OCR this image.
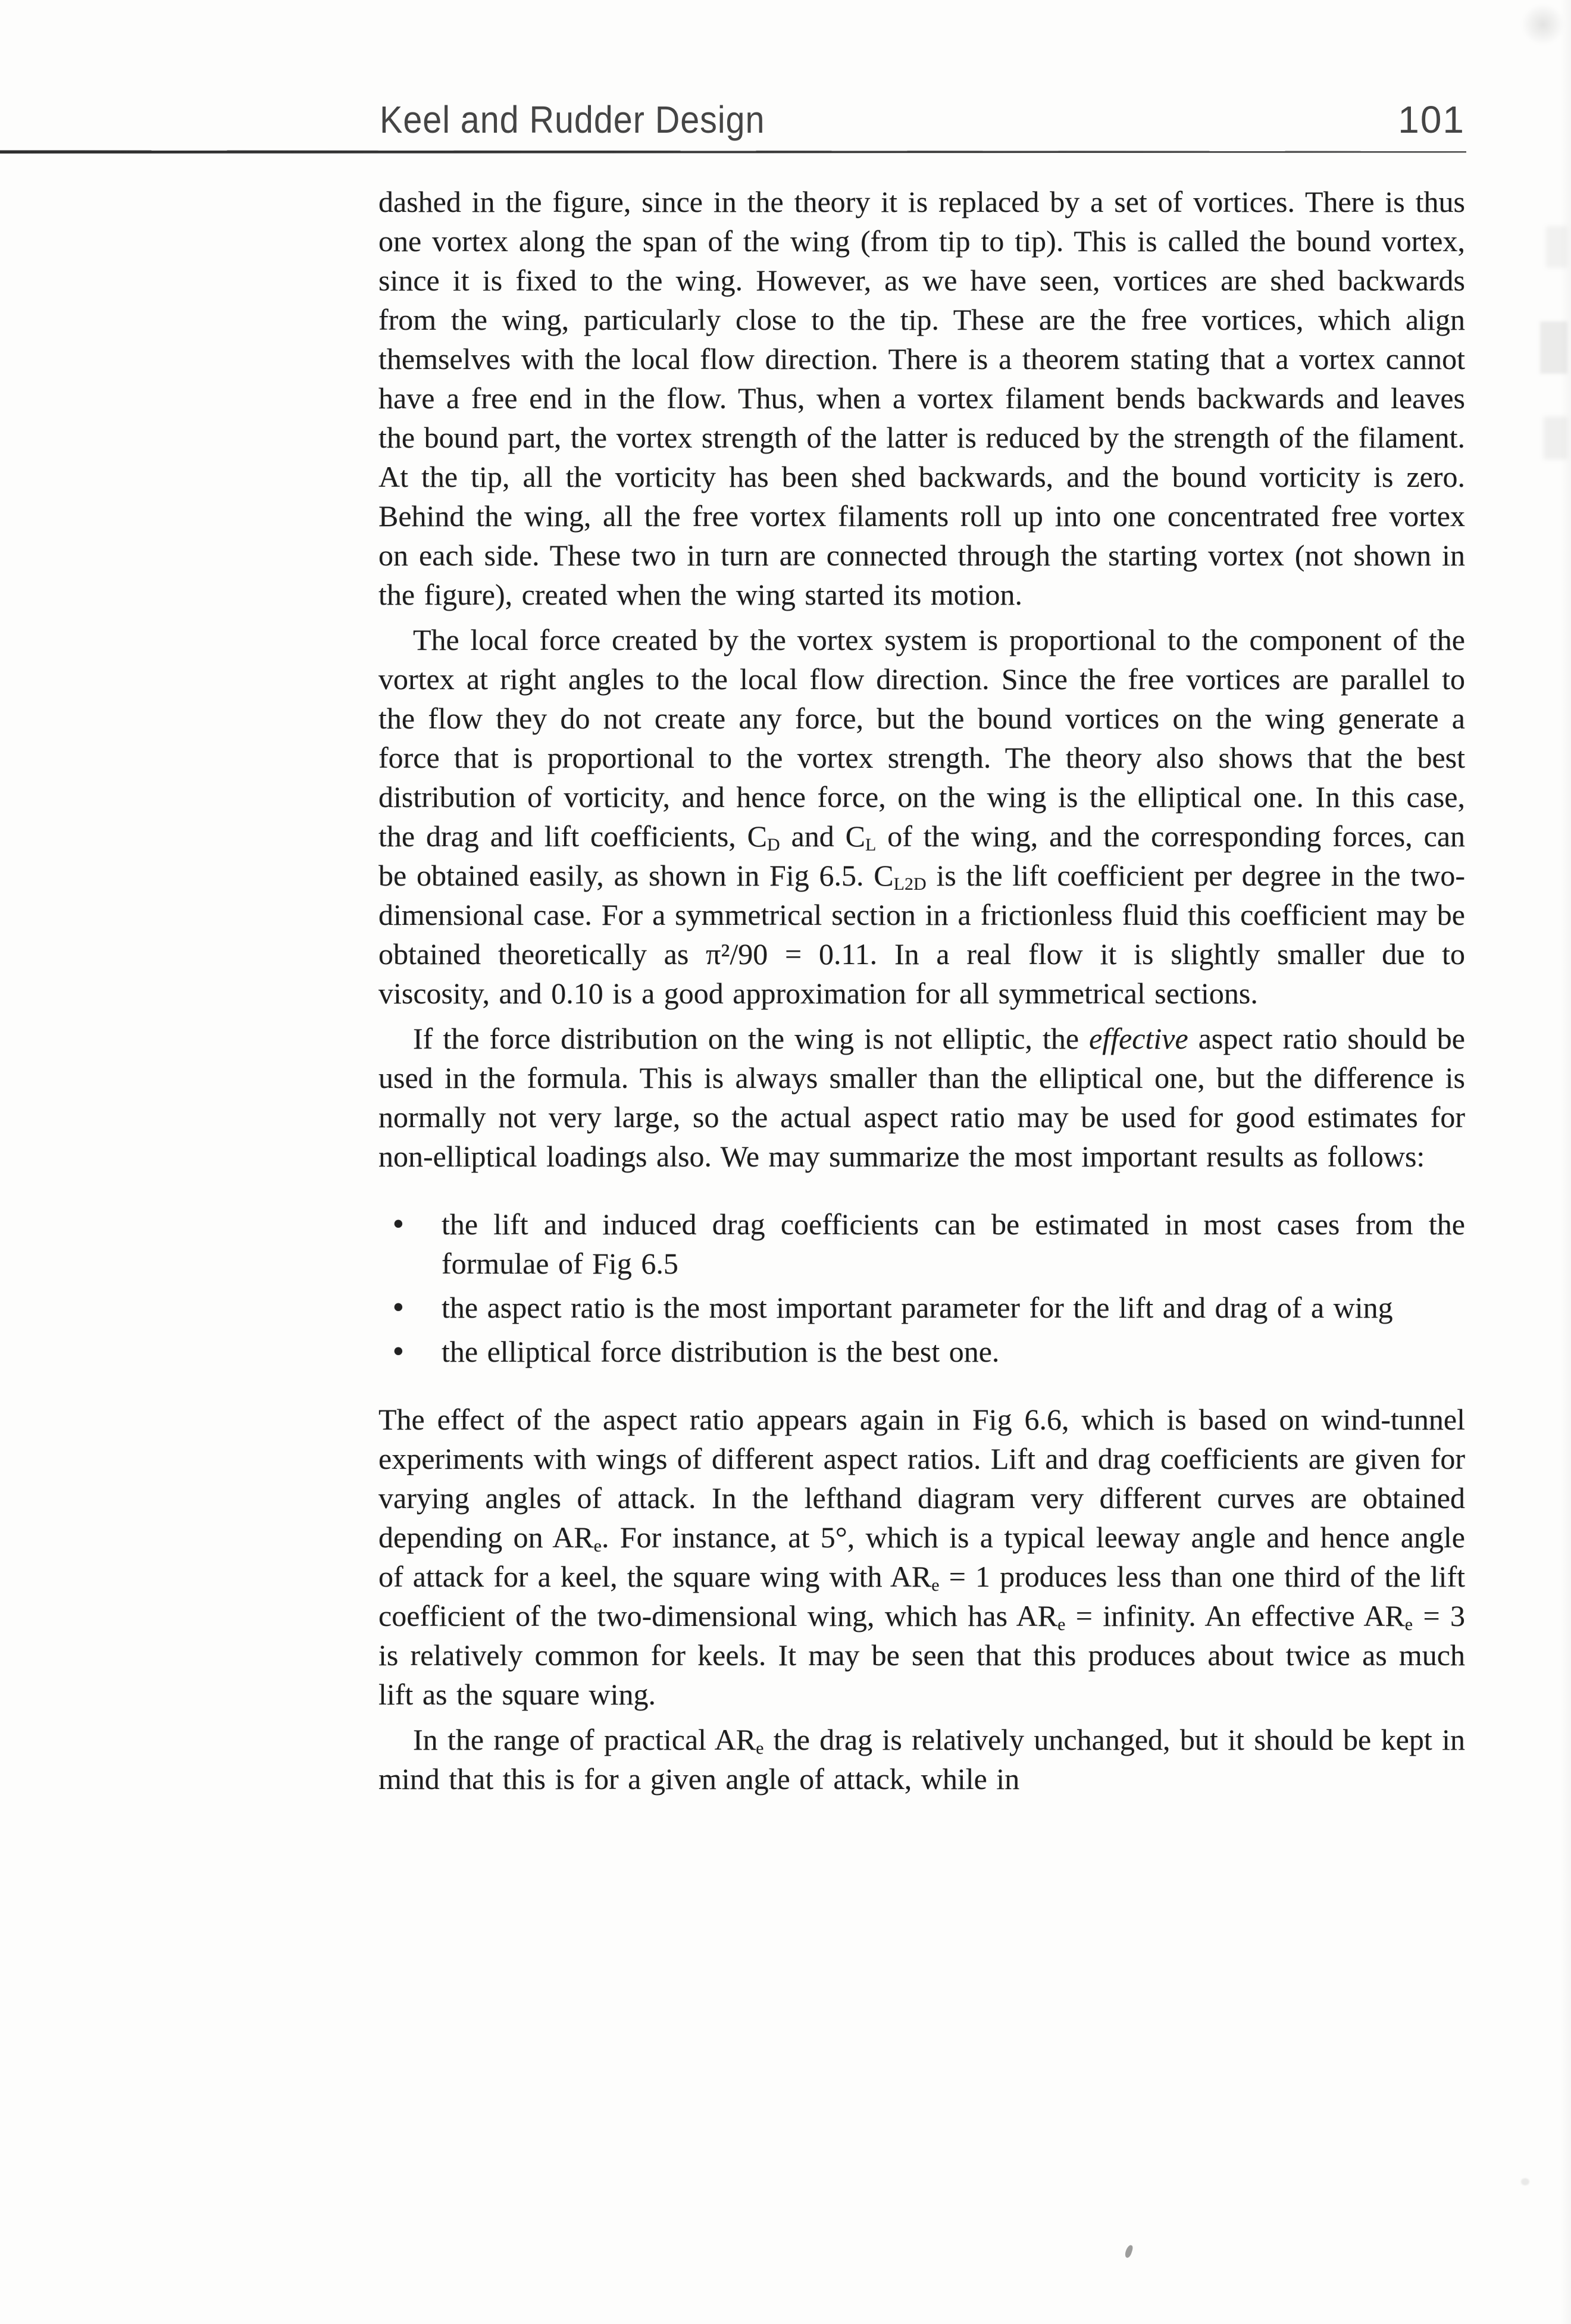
Keel and Rudder Design	101

dashed in the figure, since in the theory it is replaced by a set of vortices. There is thus one vortex along the span of the wing (from tip to tip). This is called the bound vortex, since it is fixed to the wing. However, as we have seen, vortices are shed backwards from the wing, particularly close to the tip. These are the free vortices, which align themselves with the local flow direction. There is a theorem stating that a vortex cannot have a free end in the flow. Thus, when a vortex filament bends backwards and leaves the bound part, the vortex strength of the latter is reduced by the strength of the filament. At the tip, all the vorticity has been shed backwards, and the bound vorticity is zero. Behind the wing, all the free vortex filaments roll up into one concentrated free vortex on each side. These two in turn are connected through the starting vortex (not shown in the figure), created when the wing started its motion.

The local force created by the vortex system is proportional to the component of the vortex at right angles to the local flow direction. Since the free vortices are parallel to the flow they do not create any force, but the bound vortices on the wing generate a force that is proportional to the vortex strength. The theory also shows that the best distribution of vorticity, and hence force, on the wing is the elliptical one. In this case, the drag and lift coefficients, $C_D$ and $C_L$ of the wing, and the corresponding forces, can be obtained easily, as shown in Fig 6.5. $C_{L2D}$ is the lift coefficient per degree in the two-dimensional case. For a symmetrical section in a frictionless fluid this coefficient may be obtained theoretically as π²/90 = 0.11. In a real flow it is slightly smaller due to viscosity, and 0.10 is a good approximation for all symmetrical sections.

If the force distribution on the wing is not elliptic, the effective aspect ratio should be used in the formula. This is always smaller than the elliptical one, but the difference is normally not very large, so the actual aspect ratio may be used for good estimates for non-elliptical loadings also. We may summarize the most important results as follows:

● the lift and induced drag coefficients can be estimated in most cases from the formulae of Fig 6.5
● the aspect ratio is the most important parameter for the lift and drag of a wing
● the elliptical force distribution is the best one.

The effect of the aspect ratio appears again in Fig 6.6, which is based on wind-tunnel experiments with wings of different aspect ratios. Lift and drag coefficients are given for varying angles of attack. In the lefthand diagram very different curves are obtained depending on $AR_e$. For instance, at 5°, which is a typical leeway angle and hence angle of attack for a keel, the square wing with $AR_e = 1$ produces less than one third of the lift coefficient of the two-dimensional wing, which has $AR_e$ = infinity. An effective $AR_e = 3$ is relatively common for keels. It may be seen that this produces about twice as much lift as the square wing.

In the range of practical $AR_e$ the drag is relatively unchanged, but it should be kept in mind that this is for a given angle of attack, while in
